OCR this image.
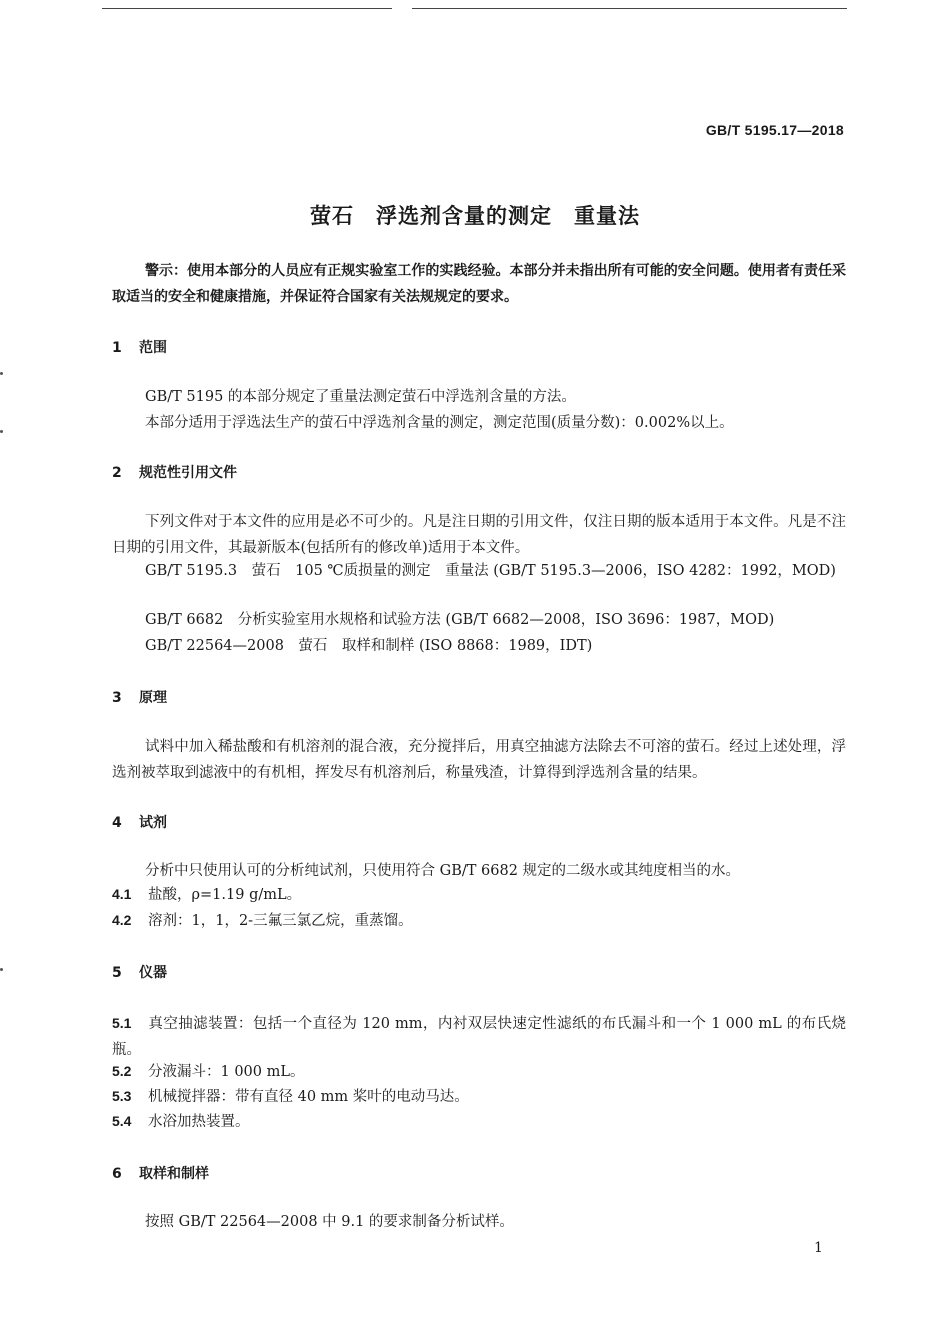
GB/T 5195.17—2018
萤石　浮选剂含量的测定　重量法
警示：使用本部分的人员应有正规实验室工作的实践经验。本部分并未指出所有可能的安全问题。使用者有责任采取适当的安全和健康措施，并保证符合国家有关法规规定的要求。
1 范围
GB/T 5195 的本部分规定了重量法测定萤石中浮选剂含量的方法。
本部分适用于浮选法生产的萤石中浮选剂含量的测定，测定范围(质量分数)：0.002%以上。
2 规范性引用文件
下列文件对于本文件的应用是必不可少的。凡是注日期的引用文件，仅注日期的版本适用于本文件。凡是不注日期的引用文件，其最新版本(包括所有的修改单)适用于本文件。
GB/T 5195.3　萤石　105 ℃质损量的测定　重量法 (GB/T 5195.3—2006，ISO 4282：1992，MOD)
GB/T 6682　分析实验室用水规格和试验方法 (GB/T 6682—2008，ISO 3696：1987，MOD)
GB/T 22564—2008　萤石　取样和制样 (ISO 8868：1989，IDT)
3 原理
试料中加入稀盐酸和有机溶剂的混合液，充分搅拌后，用真空抽滤方法除去不可溶的萤石。经过上述处理，浮选剂被萃取到滤液中的有机相，挥发尽有机溶剂后，称量残渣，计算得到浮选剂含量的结果。
4 试剂
分析中只使用认可的分析纯试剂，只使用符合 GB/T 6682 规定的二级水或其纯度相当的水。
4.1 盐酸，ρ=1.19 g/mL。
4.2 溶剂：1，1，2-三氟三氯乙烷，重蒸馏。
5 仪器
5.1 真空抽滤装置：包括一个直径为 120 mm，内衬双层快速定性滤纸的布氏漏斗和一个 1 000 mL 的布氏烧瓶。
5.2 分液漏斗：1 000 mL。
5.3 机械搅拌器：带有直径 40 mm 桨叶的电动马达。
5.4 水浴加热装置。
6 取样和制样
按照 GB/T 22564—2008 中 9.1 的要求制备分析试样。
1
